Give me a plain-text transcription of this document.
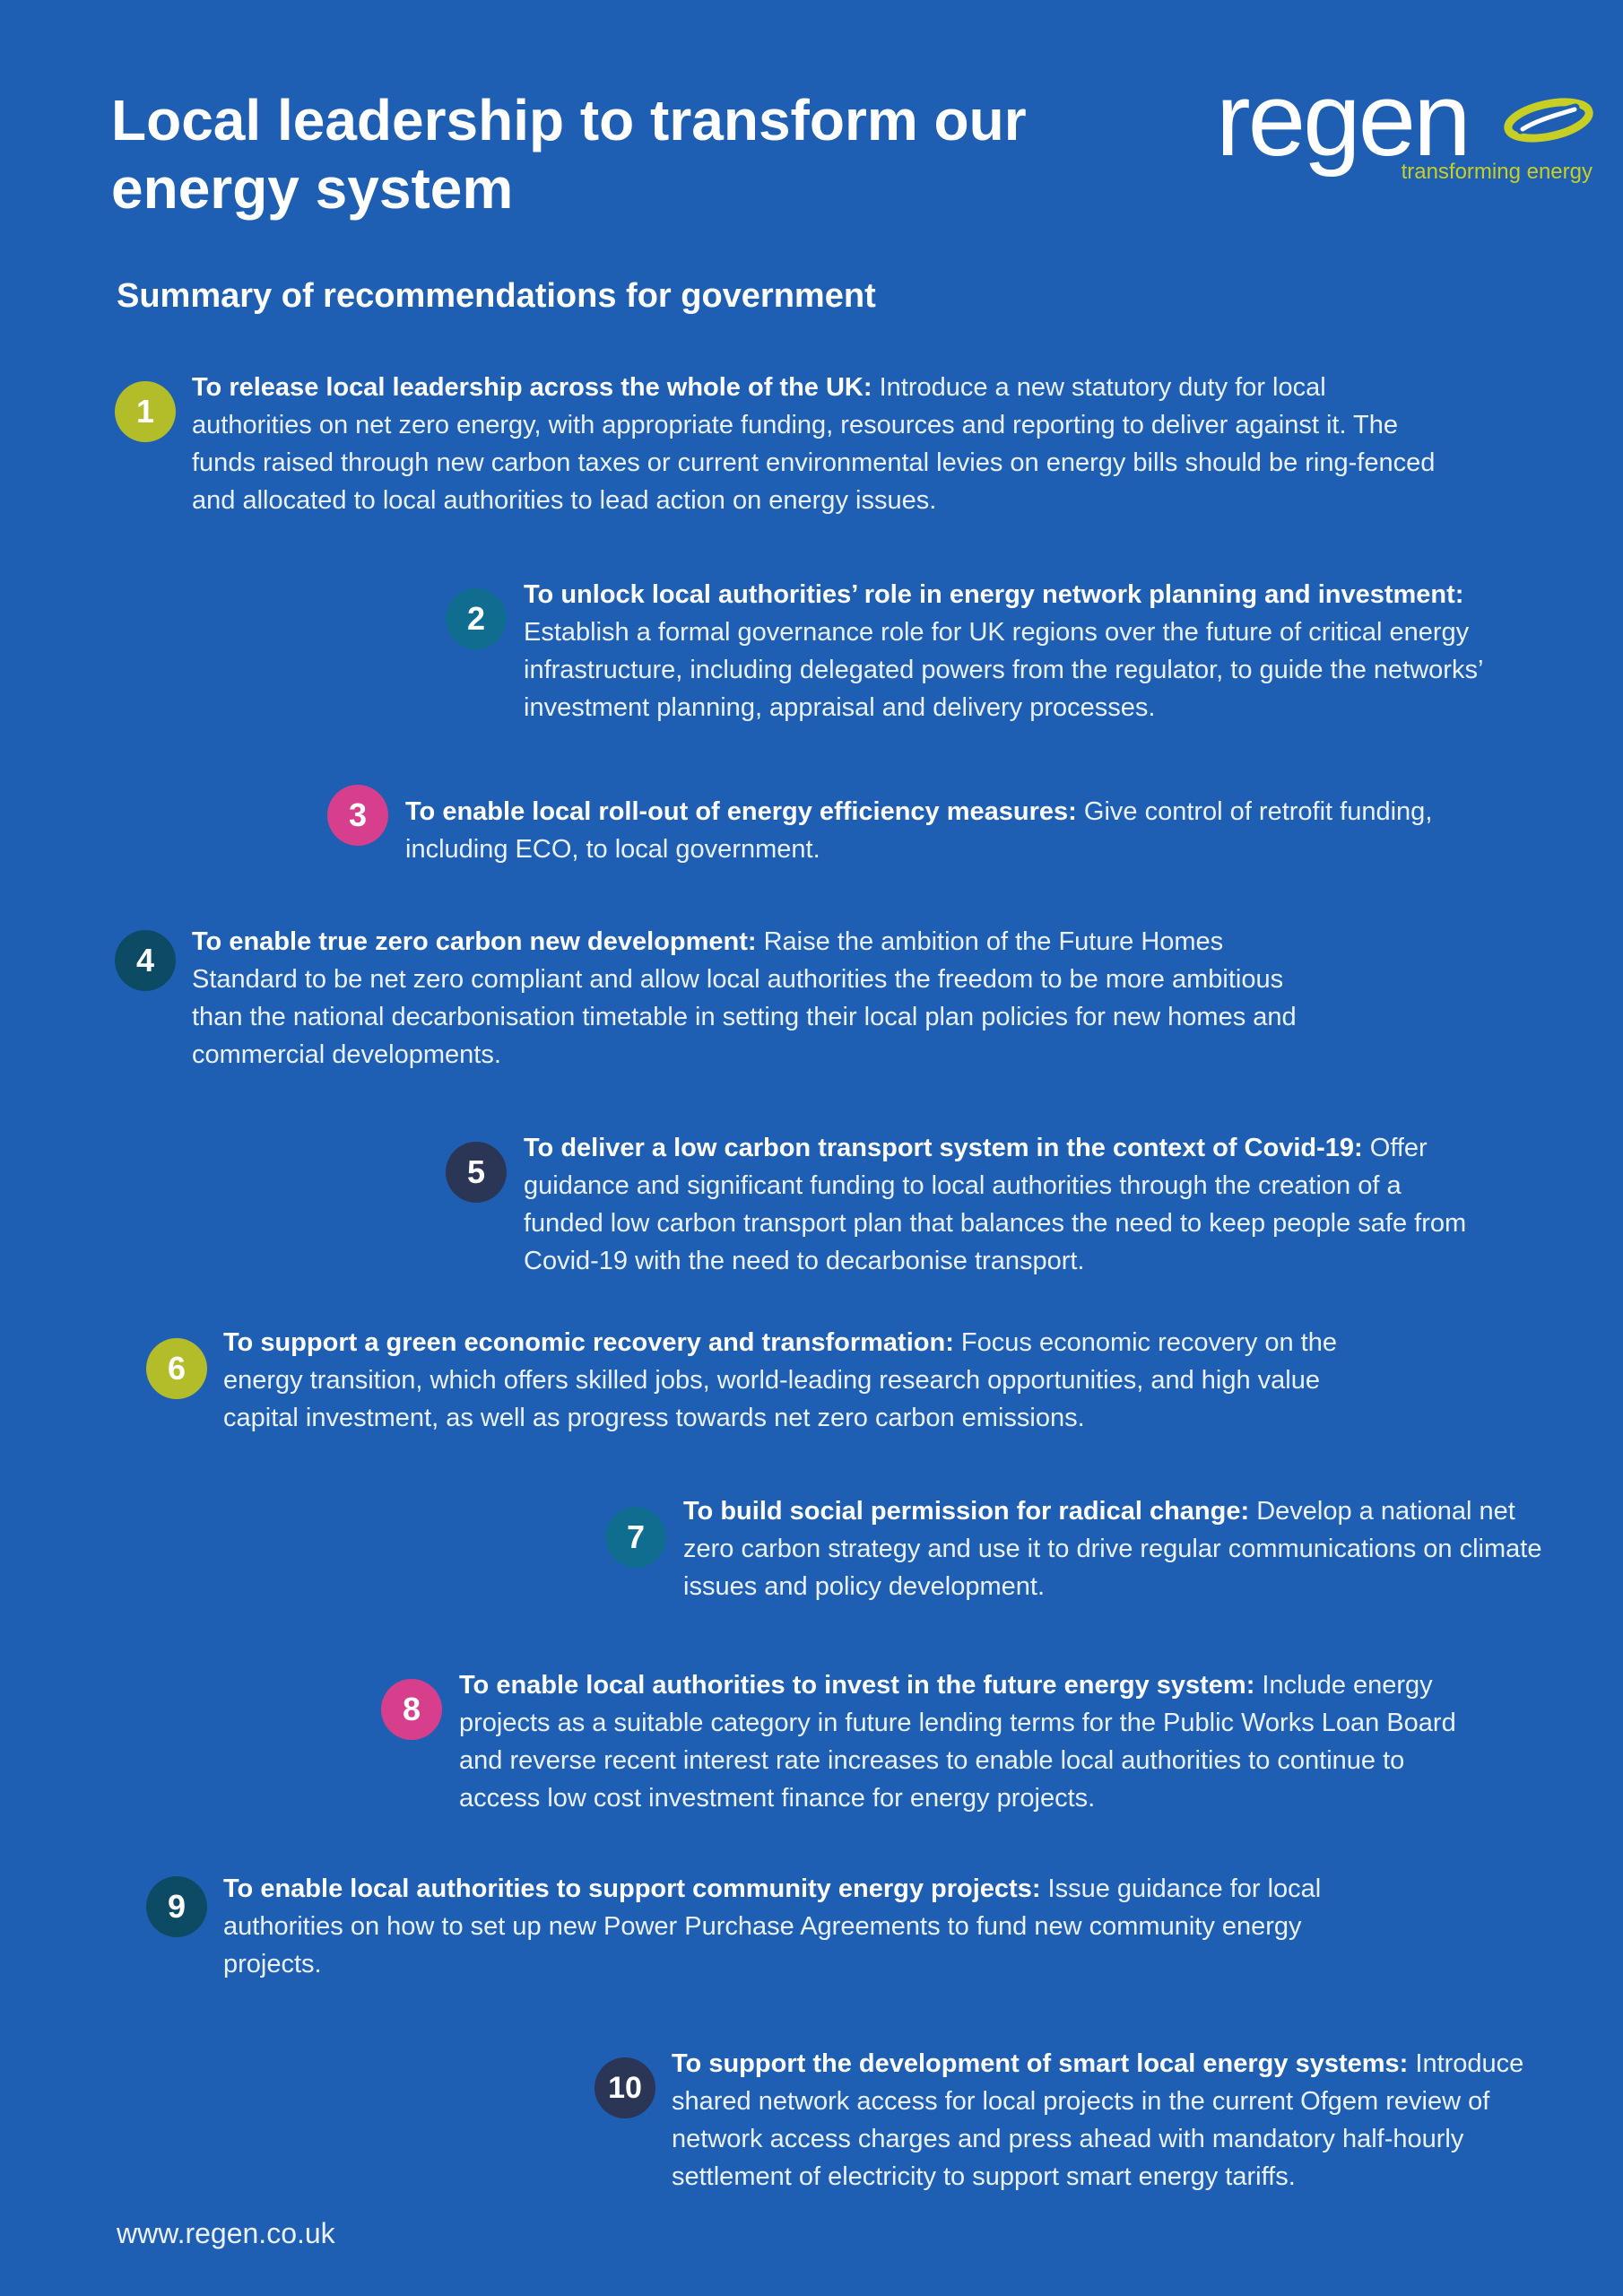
Local leadership to transform our energy system
regen
transforming energy
Summary of recommendations for government
1

To release local leadership across the whole of the UK: Introduce a new statutory duty for local authorities on net zero energy, with appropriate funding, resources and reporting to deliver against it. The funds raised through new carbon taxes or current environmental levies on energy bills should be ring-fenced and allocated to local authorities to lead action on energy issues.

2

To unlock local authorities’ role in energy network planning and investment: Establish a formal governance role for UK regions over the future of critical energy infrastructure, including delegated powers from the regulator, to guide the networks’ investment planning, appraisal and delivery processes.

3	To enable local roll-out of energy efficiency measures: Give control of retrofit funding, including ECO, to local government.

4	To enable true zero carbon new development: Raise the ambition of the Future Homes Standard to be net zero compliant and allow local authorities the freedom to be more ambitious than the national decarbonisation timetable in setting their local plan policies for new homes and commercial developments.

5

To deliver a low carbon transport system in the context of Covid-19: Offer guidance and significant funding to local authorities through the creation of a funded low carbon transport plan that balances the need to keep people safe from Covid-19 with the need to decarbonise transport.

6

To support a green economic recovery and transformation: Focus economic recovery on the energy transition, which offers skilled jobs, world-leading research opportunities, and high value capital investment, as well as progress towards net zero carbon emissions.

7

To build social permission for radical change: Develop a national net zero carbon strategy and use it to drive regular communications on climate issues and policy development.

8

To enable local authorities to invest in the future energy system: Include energy projects as a suitable category in future lending terms for the Public Works Loan Board and reverse recent interest rate increases to enable local authorities to continue to access low cost investment finance for energy projects.

9	To enable local authorities to support community energy projects: Issue guidance for local authorities on how to set up new Power Purchase Agreements to fund new community energy projects.

10

To support the development of smart local energy systems: Introduce shared network access for local projects in the current Ofgem review of network access charges and press ahead with mandatory half-hourly settlement of electricity to support smart energy tariffs.

www.regen.co.uk
